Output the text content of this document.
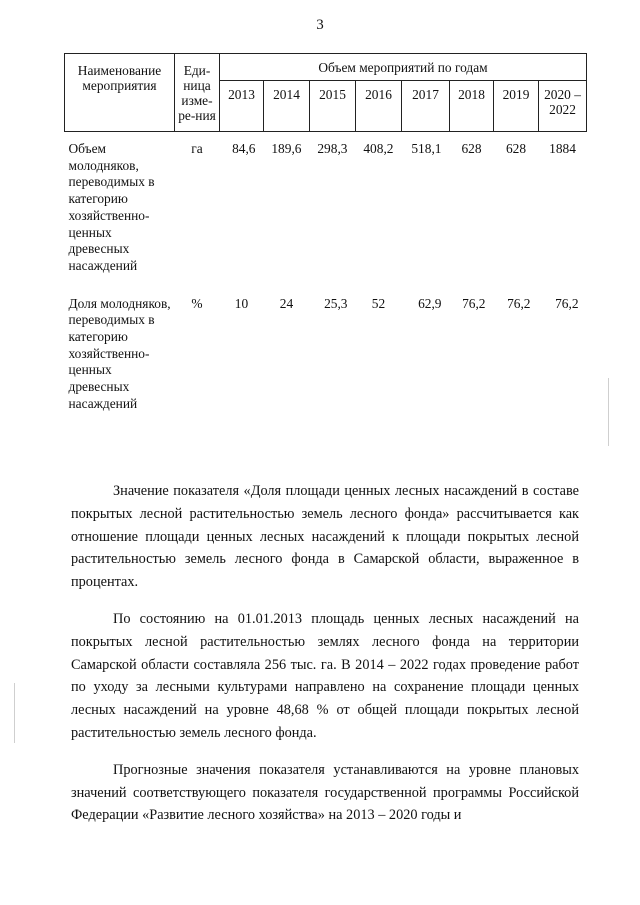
3
Наименование мероприятия	Еди-ница изме-ре-ния	Объем мероприятий по годам							
		2013	2014	2015	2016	2017	2018	2019	2020 – 2022
Объем молодняков, переводимых в категорию хозяйственно-ценных древесных насаждений	га	84,6	189,6	298,3	408,2	518,1	628	628	1884
Доля молодняков, переводимых в категорию хозяйственно-ценных древесных насаждений	%	10	24	25,3	52	62,9	76,2	76,2	76,2

Значение показателя «Доля площади ценных лесных насаждений в составе покрытых лесной растительностью земель лесного фонда» рассчитывается как отношение площади ценных лесных насаждений к площади покрытых лесной растительностью земель лесного фонда в Самарской области, выраженное в процентах.

По состоянию на 01.01.2013 площадь ценных лесных насаждений на покрытых лесной растительностью землях лесного фонда на территории Самарской области составляла 256 тыс. га. В 2014 – 2022 годах проведение работ по уходу за лесными культурами направлено на сохранение площади ценных лесных насаждений на уровне 48,68 % от общей площади покрытых лесной растительностью земель лесного фонда.

Прогнозные значения показателя устанавливаются на уровне плановых значений соответствующего показателя государственной программы Российской Федерации «Развитие лесного хозяйства» на 2013 – 2020 годы и
